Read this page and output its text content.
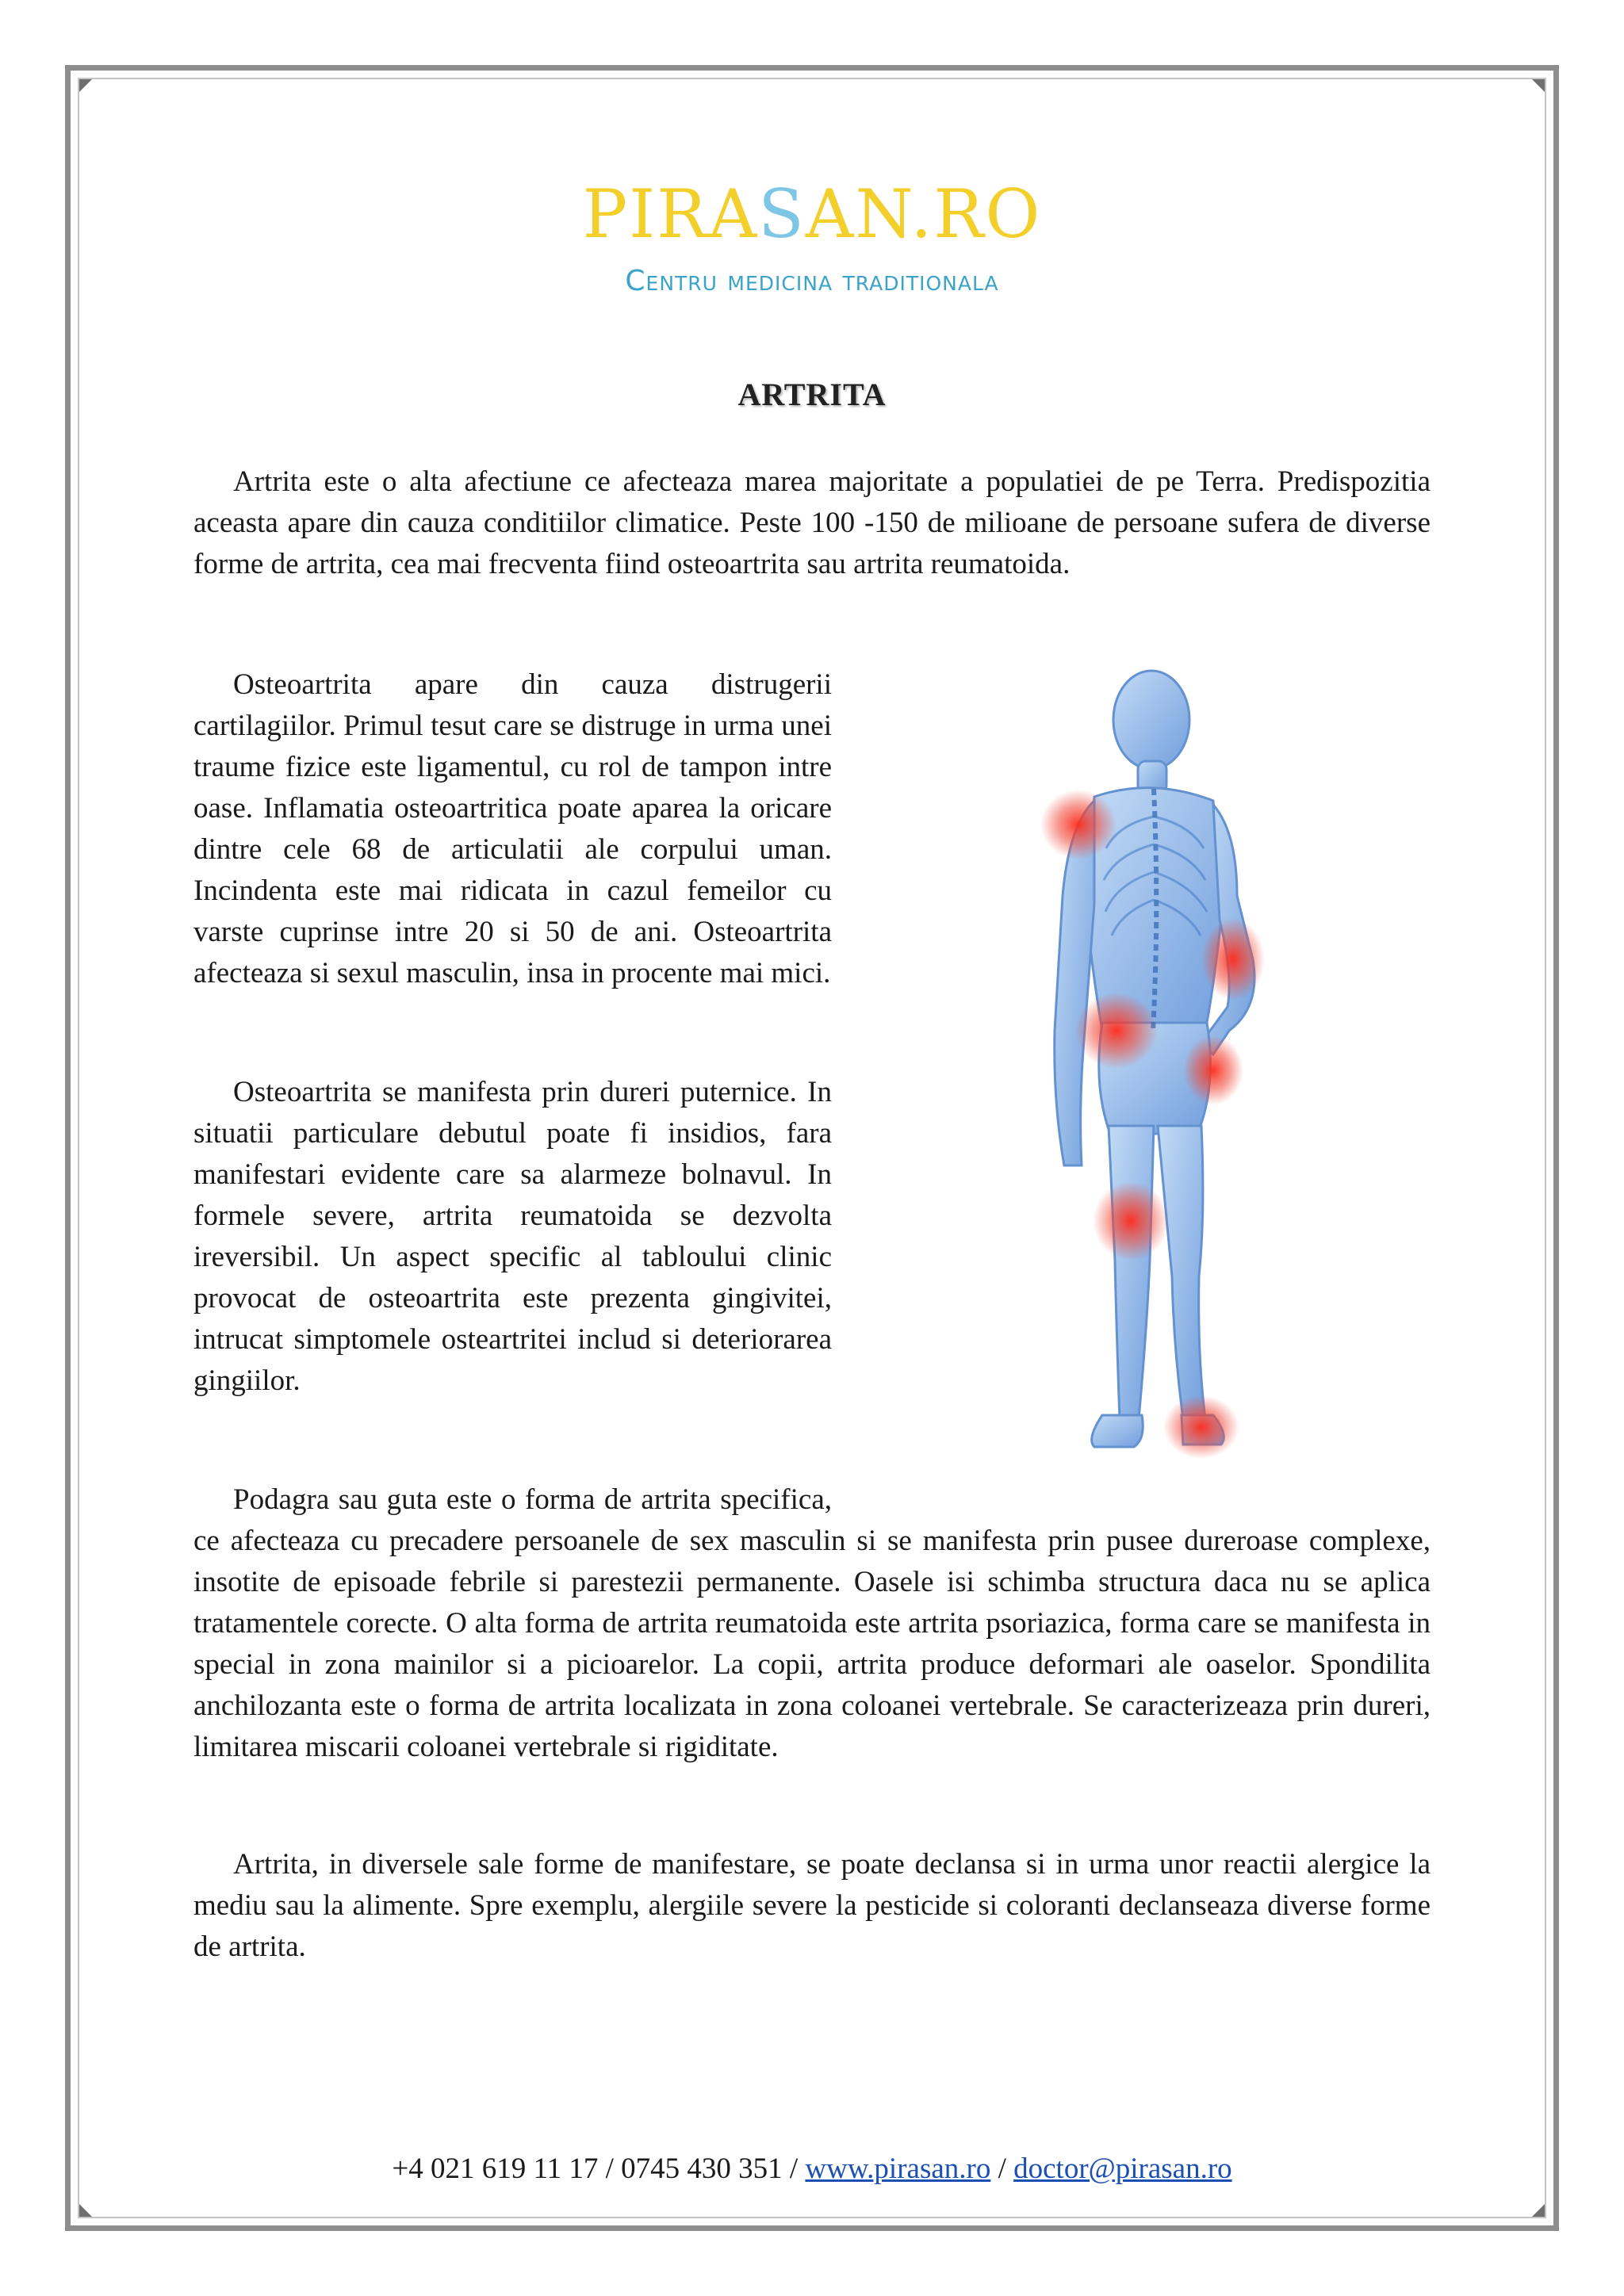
PIRASAN.RO
Centru medicina traditionala
ARTRITA

Artrita este o alta afectiune ce afecteaza marea majoritate a populatiei de pe Terra. Predispozitia aceasta apare din cauza conditiilor climatice. Peste 100 -150 de milioane de persoane sufera de diverse forme de artrita, cea mai frecventa fiind osteoartrita sau artrita reumatoida.

Osteoartrita apare din cauza distrugerii cartilagiilor. Primul tesut care se distruge in urma unei traume fizice este ligamentul, cu rol de tampon intre oase. Inflamatia osteoartritica poate aparea la oricare dintre cele 68 de articulatii ale corpului uman. Incindenta este mai ridicata in cazul femeilor cu varste cuprinse intre 20 si 50 de ani. Osteoartrita afecteaza si sexul masculin, insa in procente mai mici.

Osteoartrita se manifesta prin dureri puternice. In situatii particulare debutul poate fi insidios, fara manifestari evidente care sa alarmeze bolnavul. In formele severe, artrita reumatoida se dezvolta ireversibil. Un aspect specific al tabloului clinic provocat de osteoartrita este prezenta gingivitei, intrucat simptomele osteartritei includ si deteriorarea gingiilor.

Podagra sau guta este o forma de artrita specifica, ce afecteaza cu precadere persoanele de sex masculin si se manifesta prin pusee dureroase complexe, insotite de episoade febrile si parestezii permanente. Oasele isi schimba structura daca nu se aplica tratamentele corecte. O alta forma de artrita reumatoida este artrita psoriazica, forma care se manifesta in special in zona mainilor si a picioarelor. La copii, artrita produce deformari ale oaselor. Spondilita anchilozanta este o forma de artrita localizata in zona coloanei vertebrale. Se caracterizeaza prin dureri, limitarea miscarii coloanei vertebrale si rigiditate.

Artrita, in diversele sale forme de manifestare, se poate declansa si in urma unor reactii alergice la mediu sau la alimente. Spre exemplu, alergiile severe la pesticide si coloranti declanseaza diverse forme de artrita.

+4 021 619 11 17 / 0745 430 351 / www.pirasan.ro / doctor@pirasan.ro
